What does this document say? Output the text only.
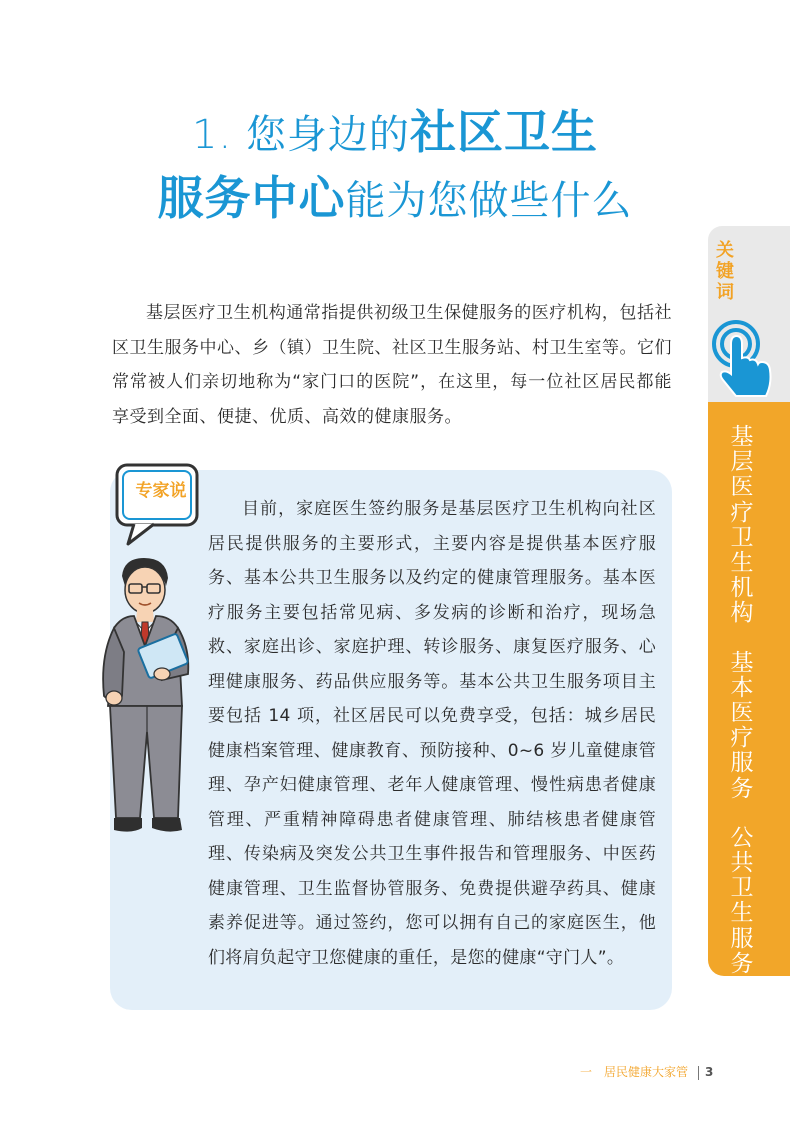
1. 您身边的社区卫生
服务中心能为您做些什么

基层医疗卫生机构通常指提供初级卫生保健服务的医疗机构，包括社区卫生服务中心、乡（镇）卫生院、社区卫生服务站、村卫生室等。它们常常被人们亲切地称为“家门口的医院”，在这里，每一位社区居民都能享受到全面、便捷、优质、高效的健康服务。

关键词
基层医疗卫生机构
基本医疗服务
公共卫生服务

目前，家庭医生签约服务是基层医疗卫生机构向社区居民提供服务的主要形式，主要内容是提供基本医疗服务、基本公共卫生服务以及约定的健康管理服务。基本医疗服务主要包括常见病、多发病的诊断和治疗，现场急救、家庭出诊、家庭护理、转诊服务、康复医疗服务、心理健康服务、药品供应服务等。基本公共卫生服务项目主要包括 14 项，社区居民可以免费享受，包括：城乡居民健康档案管理、健康教育、预防接种、0~6 岁儿童健康管理、孕产妇健康管理、老年人健康管理、慢性病患者健康管理、严重精神障碍患者健康管理、肺结核患者健康管理、传染病及突发公共卫生事件报告和管理服务、中医药健康管理、卫生监督协管服务、免费提供避孕药具、健康素养促进等。通过签约，您可以拥有自己的家庭医生，他们将肩负起守卫您健康的重任，是您的健康“守门人”。

专家说
一　居民健康大家管 3
